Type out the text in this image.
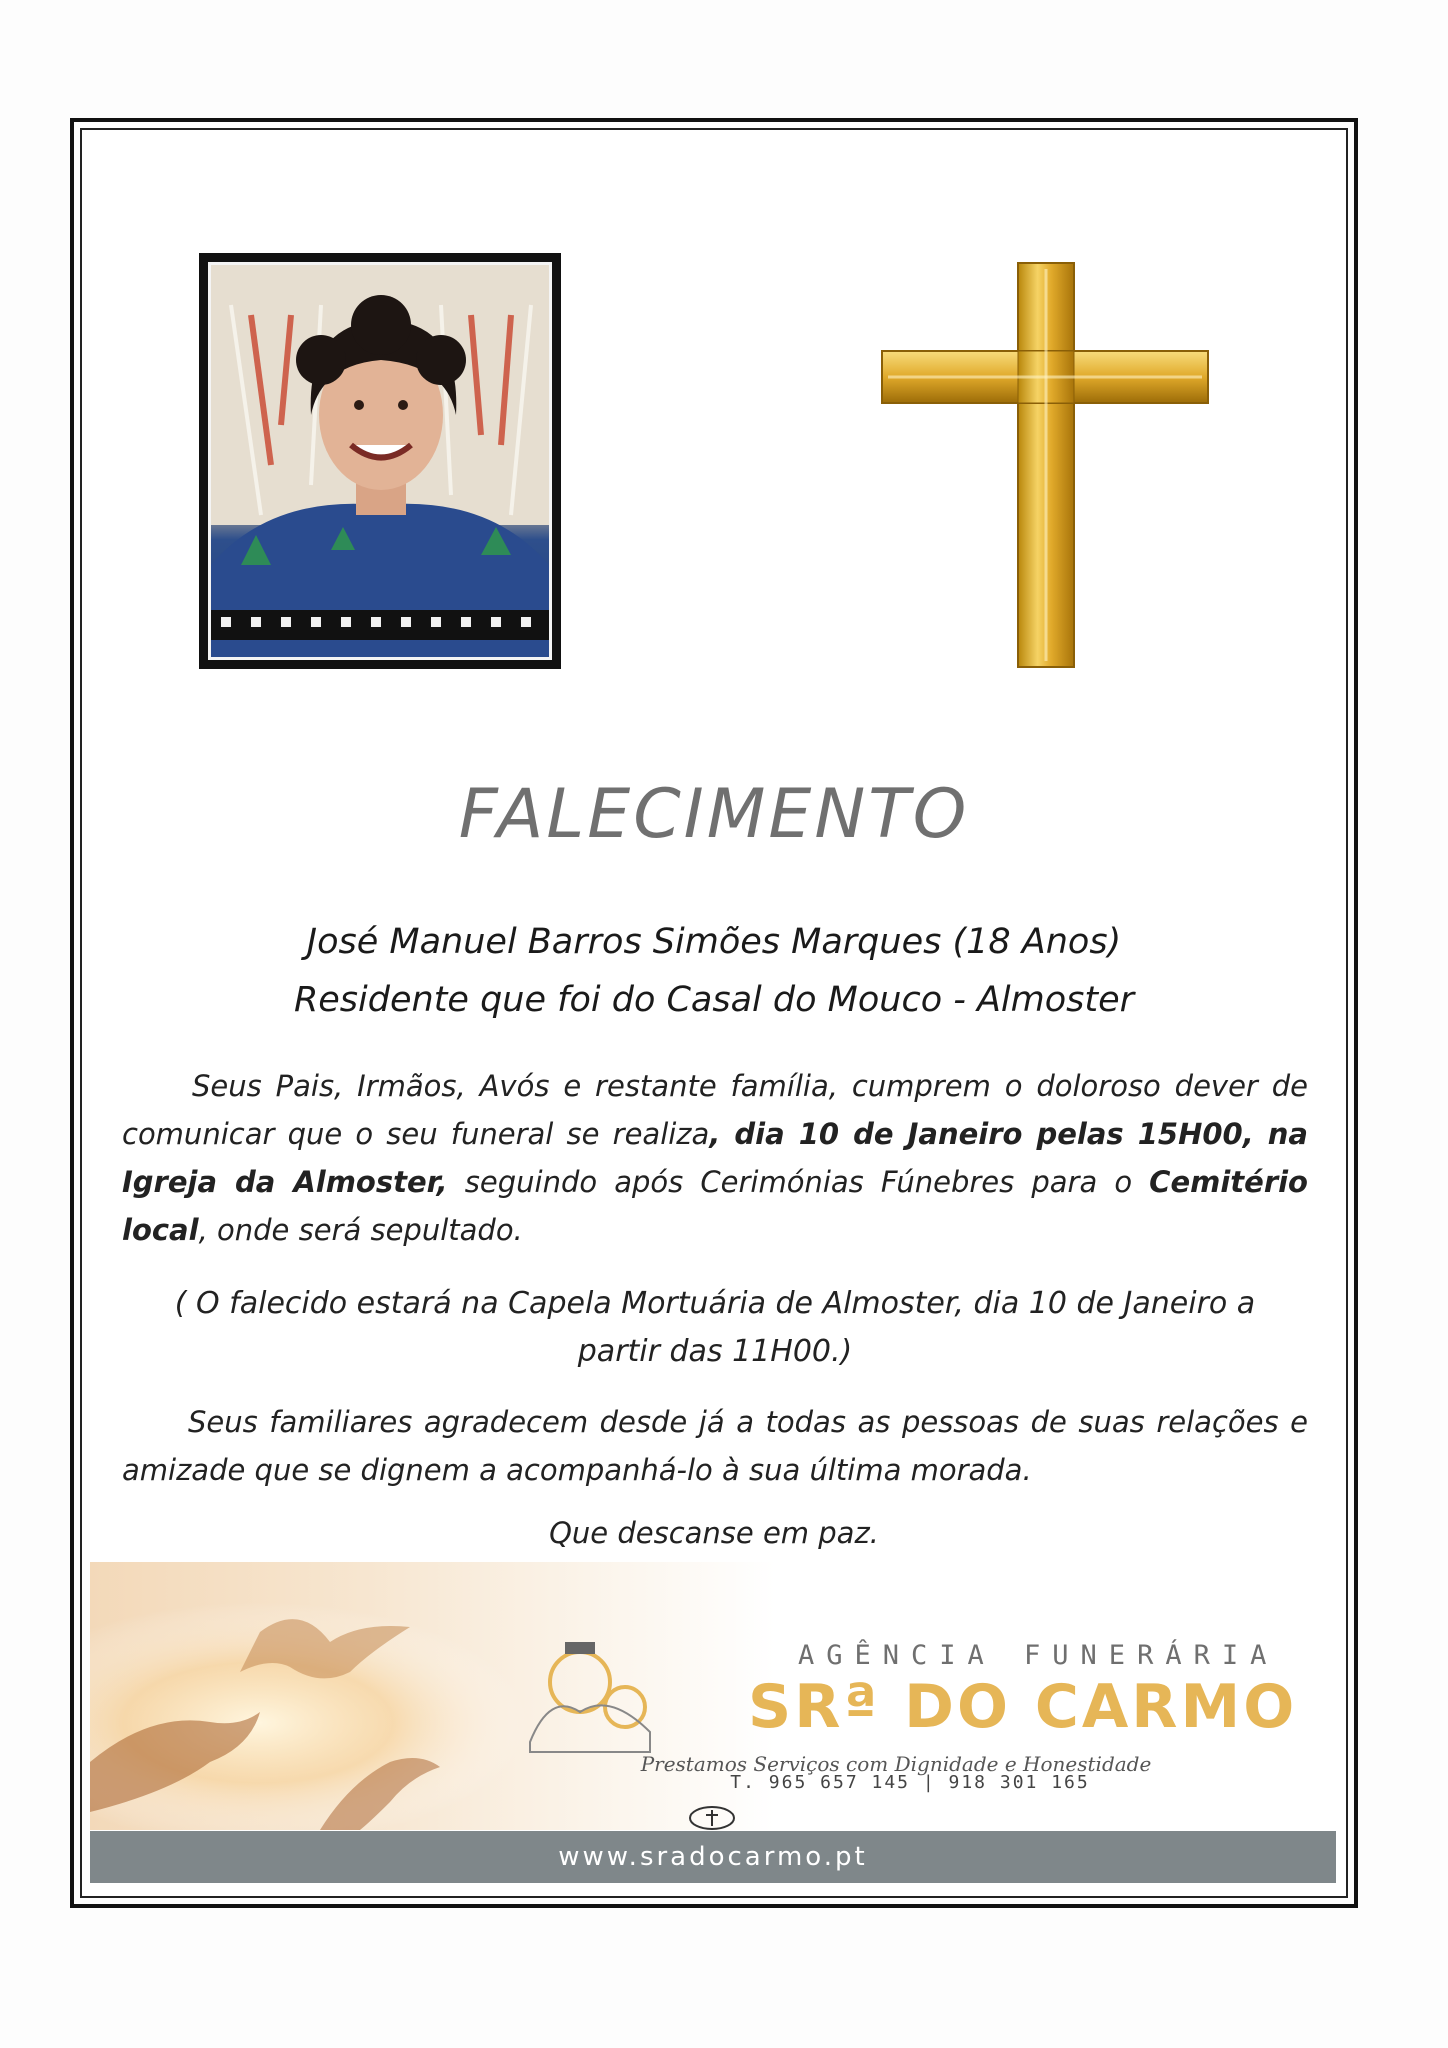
FALECIMENTO
José Manuel Barros Simões Marques (18 Anos)
Residente que foi do Casal do Mouco - Almoster
Seus Pais, Irmãos, Avós e restante família, cumprem o doloroso dever de comunicar que o seu funeral se realiza, dia 10 de Janeiro pelas 15H00, na Igreja da Almoster, seguindo após Cerimónias Fúnebres para o Cemitério local, onde será sepultado.
( O falecido estará na Capela Mortuária de Almoster, dia 10 de Janeiro a partir das 11H00.)
Seus familiares agradecem desde já a todas as pessoas de suas relações e amizade que se dignem a acompanhá-lo à sua última morada.
Que descanse em paz.
AGÊNCIA FUNERÁRIA
SRª DO CARMO
Prestamos Serviços com Dignidade e Honestidade
T. 965 657 145 | 918 301 165
www.sradocarmo.pt
